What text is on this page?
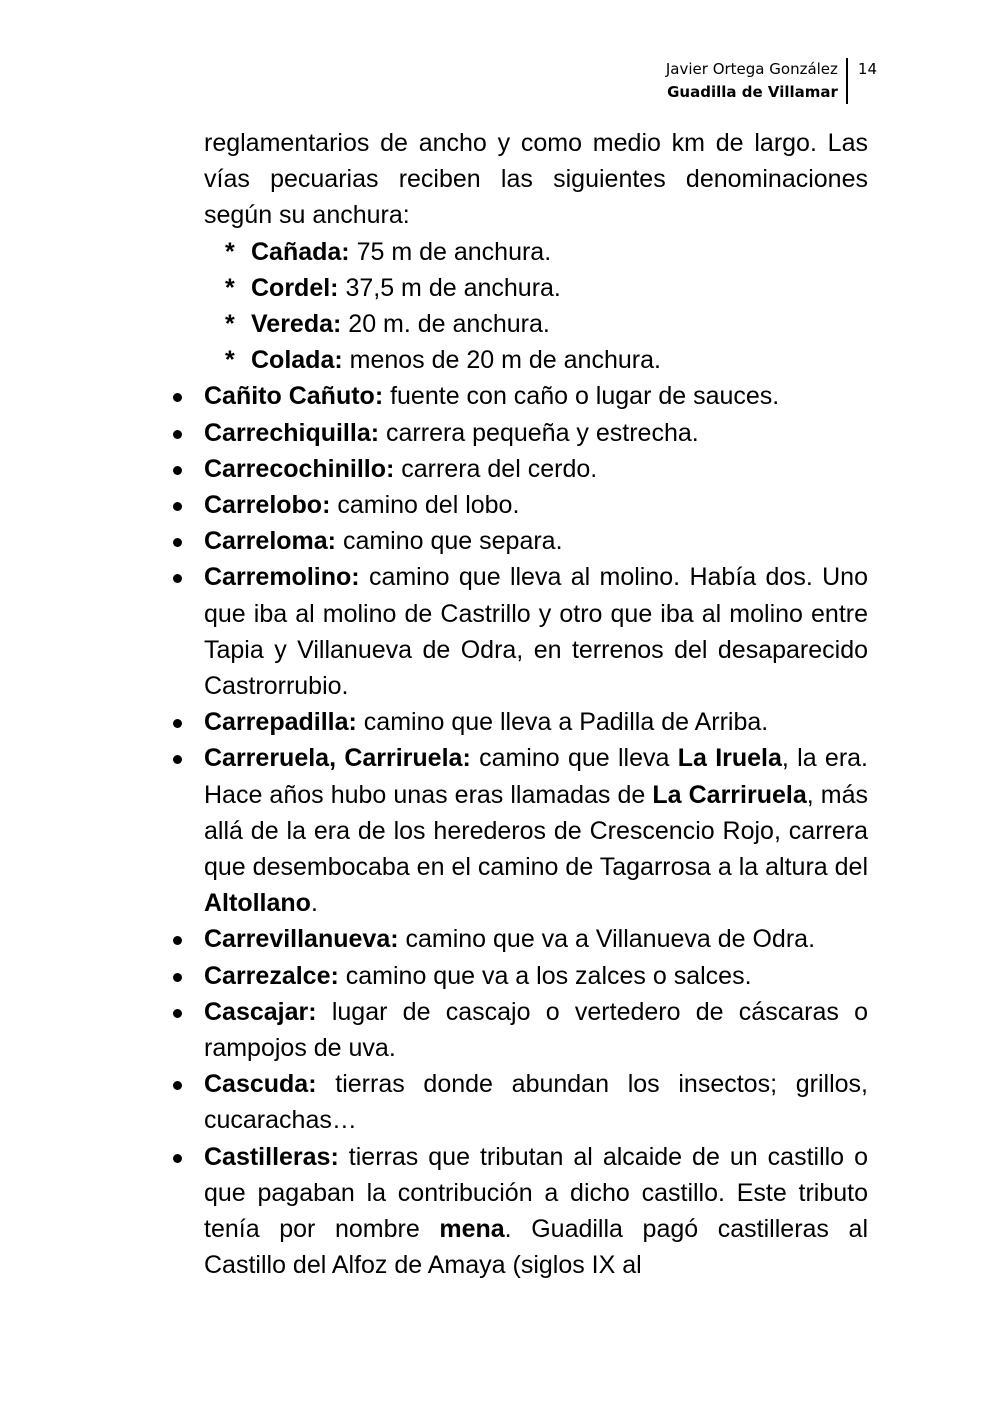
Javier Ortega González
Guadilla de Villamar
14

reglamentarios de ancho y como medio km de largo. Las vías pecuarias reciben las siguientes denominaciones según su anchura:

* Cañada: 75 m de anchura.

* Cordel: 37,5 m de anchura.

* Vereda: 20 m. de anchura.

* Colada: menos de 20 m de anchura.

Cañito Cañuto: fuente con caño o lugar de sauces.
Carrechiquilla: carrera pequeña y estrecha.
Carrecochinillo: carrera del cerdo.
Carrelobo: camino del lobo.
Carreloma: camino que separa.
Carremolino: camino que lleva al molino. Había dos. Uno que iba al molino de Castrillo y otro que iba al molino entre Tapia y Villanueva de Odra, en terrenos del desaparecido Castrorrubio.
Carrepadilla: camino que lleva a Padilla de Arriba.
Carreruela, Carriruela: camino que lleva La Iruela, la era. Hace años hubo unas eras llamadas de La Carriruela, más allá de la era de los herederos de Crescencio Rojo, carrera que desembocaba en el camino de Tagarrosa a la altura del Altollano.
Carrevillanueva: camino que va a Villanueva de Odra.
Carrezalce: camino que va a los zalces o salces.
Cascajar: lugar de cascajo o vertedero de cáscaras o rampojos de uva.
Cascuda: tierras donde abundan los insectos; grillos, cucarachas…
Castilleras: tierras que tributan al alcaide de un castillo o que pagaban la contribución a dicho castillo. Este tributo tenía por nombre mena. Guadilla pagó castilleras al Castillo del Alfoz de Amaya (siglos IX al
